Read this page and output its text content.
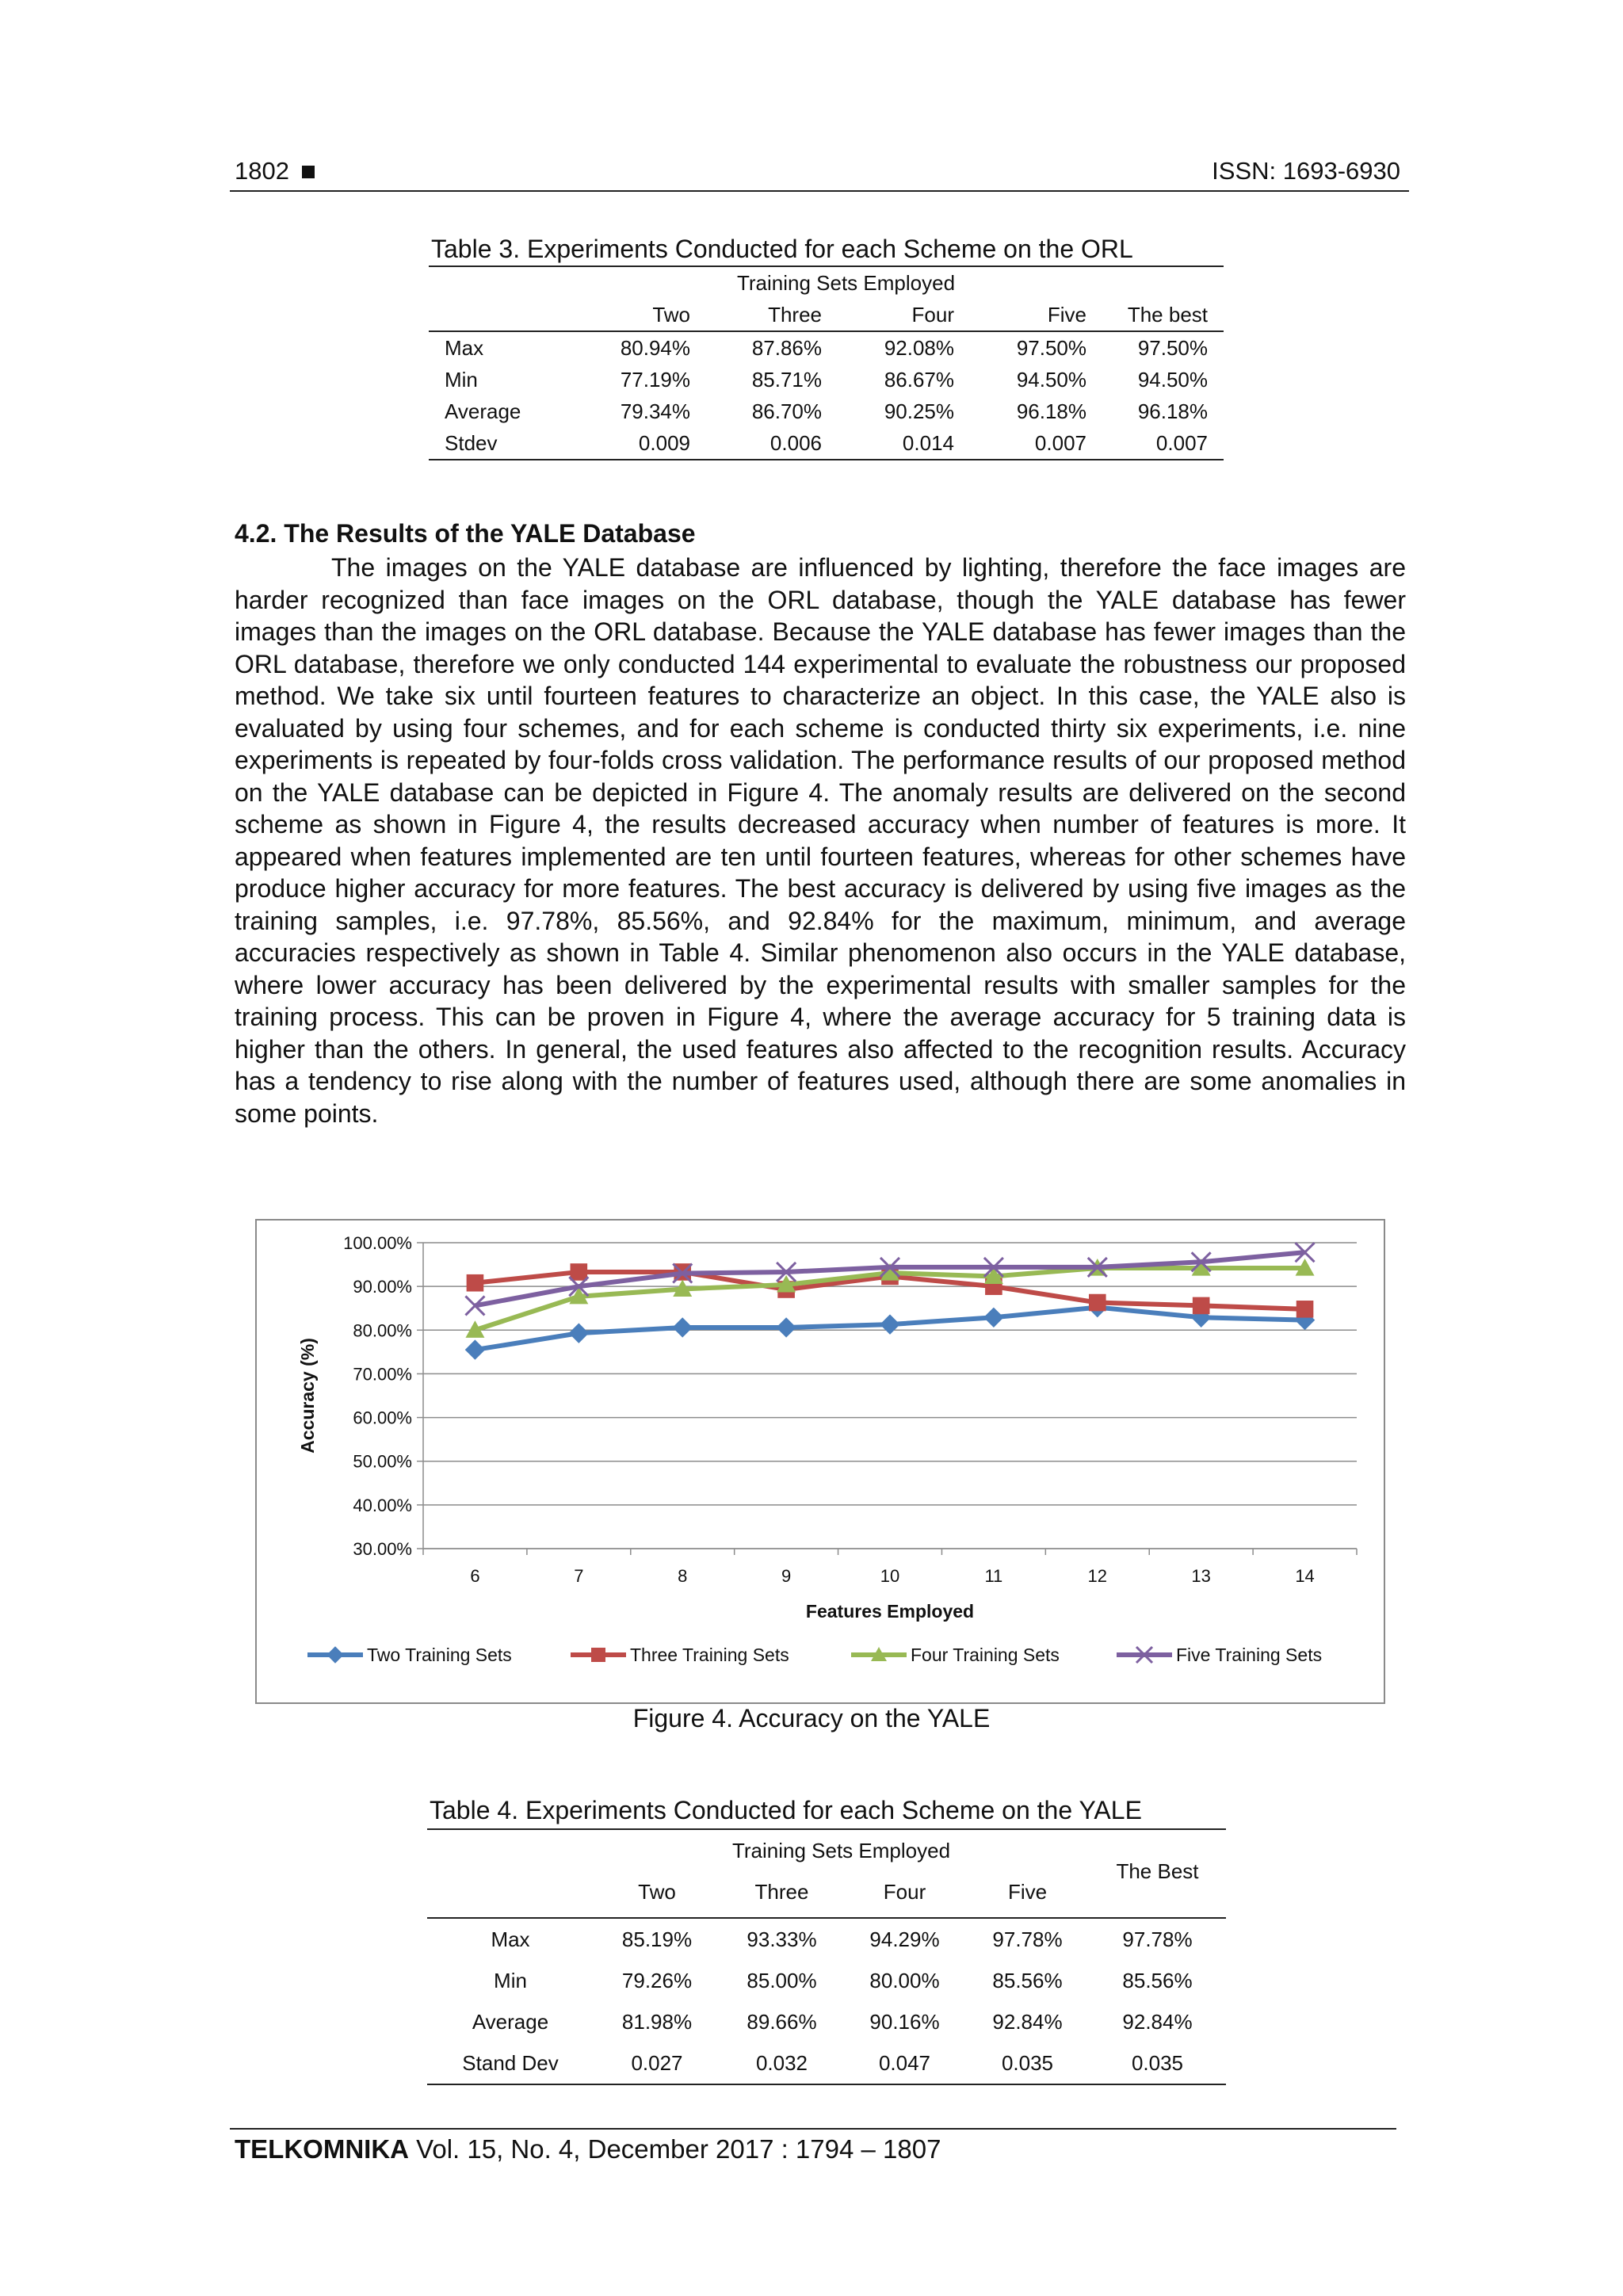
1802	ISSN: 1693-6930
Table 3. Experiments Conducted for each Scheme on the ORL
	Training Sets Employed				
	Two	Three	Four	Five	The best
Max	80.94%	87.86%	92.08%	97.50%	97.50%
Min	77.19%	85.71%	86.67%	94.50%	94.50%
Average	79.34%	86.70%	90.25%	96.18%	96.18%
Stdev	0.009	0.006	0.014	0.007	0.007
4.2. The Results of the YALE Database
The images on the YALE database are influenced by lighting, therefore the face images are harder recognized than face images on the ORL database, though the YALE database has fewer images than the images on the ORL database. Because the YALE database has fewer images than the ORL database, therefore we only conducted 144 experimental to evaluate the robustness our proposed method. We take six until fourteen features to characterize an object. In this case, the YALE also is evaluated by using four schemes, and for each scheme is conducted thirty six experiments, i.e. nine experiments is repeated by four-folds cross validation. The performance results of our proposed method on the YALE database can be depicted in Figure 4. The anomaly results are delivered on the second scheme as shown in Figure 4, the results decreased accuracy when number of features is more. It appeared when features implemented are ten until fourteen features, whereas for other schemes have produce higher accuracy for more features. The best accuracy is delivered by using five images as the training samples, i.e. 97.78%, 85.56%, and 92.84% for the maximum, minimum, and average accuracies respectively as shown in Table 4. Similar phenomenon also occurs in the YALE database, where lower accuracy has been delivered by the experimental results with smaller samples for the training process. This can be proven in Figure 4, where the average accuracy for 5 training data is higher than the others. In general, the used features also affected to the recognition results. Accuracy has a tendency to rise along with the number of features used, although there are some anomalies in some points.
30.00%
40.00%
50.00%
60.00%
70.00%
80.00%
90.00%
100.00%
6	7	8	9	10	11	12	13	14
Features Employed
Accuracy (%)
Two Training Sets	Three Training Sets	Four Training Sets	Five Training Sets
Figure 4. Accuracy on the YALE
Table 4. Experiments Conducted for each Scheme on the YALE
	Training Sets Employed				The Best
	Two	Three	Four	Five	

Max	85.19%	93.33%	94.29%	97.78%	97.78%
Min	79.26%	85.00%	80.00%	85.56%	85.56%
Average	81.98%	89.66%	90.16%	92.84%	92.84%
Stand Dev	0.027	0.032	0.047	0.035	0.035
TELKOMNIKA Vol. 15, No. 4, December 2017 : 1794 – 1807
